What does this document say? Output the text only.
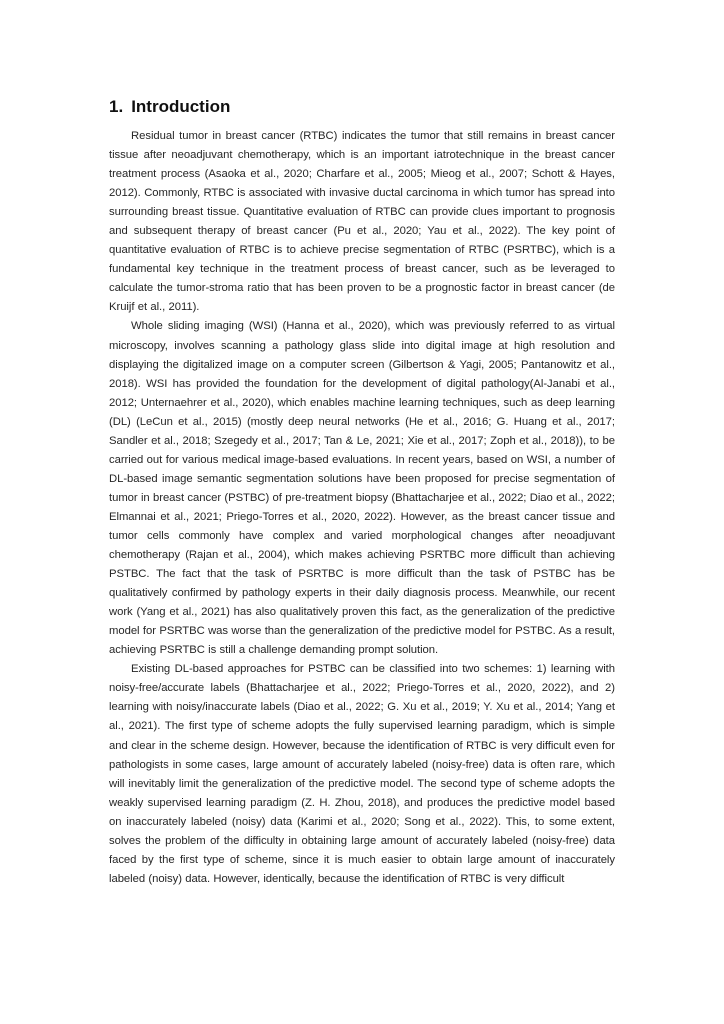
1. Introduction

Residual tumor in breast cancer (RTBC) indicates the tumor that still remains in breast cancer tissue after neoadjuvant chemotherapy, which is an important iatrotechnique in the breast cancer treatment process (Asaoka et al., 2020; Charfare et al., 2005; Mieog et al., 2007; Schott & Hayes, 2012). Commonly, RTBC is associated with invasive ductal carcinoma in which tumor has spread into surrounding breast tissue. Quantitative evaluation of RTBC can provide clues important to prognosis and subsequent therapy of breast cancer (Pu et al., 2020; Yau et al., 2022). The key point of quantitative evaluation of RTBC is to achieve precise segmentation of RTBC (PSRTBC), which is a fundamental key technique in the treatment process of breast cancer, such as be leveraged to calculate the tumor-stroma ratio that has been proven to be a prognostic factor in breast cancer (de Kruijf et al., 2011).

Whole sliding imaging (WSI) (Hanna et al., 2020), which was previously referred to as virtual microscopy, involves scanning a pathology glass slide into digital image at high resolution and displaying the digitalized image on a computer screen (Gilbertson & Yagi, 2005; Pantanowitz et al., 2018). WSI has provided the foundation for the development of digital pathology(Al-Janabi et al., 2012; Unternaehrer et al., 2020), which enables machine learning techniques, such as deep learning (DL) (LeCun et al., 2015) (mostly deep neural networks (He et al., 2016; G. Huang et al., 2017; Sandler et al., 2018; Szegedy et al., 2017; Tan & Le, 2021; Xie et al., 2017; Zoph et al., 2018)), to be carried out for various medical image-based evaluations. In recent years, based on WSI, a number of DL-based image semantic segmentation solutions have been proposed for precise segmentation of tumor in breast cancer (PSTBC) of pre-treatment biopsy (Bhattacharjee et al., 2022; Diao et al., 2022; Elmannai et al., 2021; Priego-Torres et al., 2020, 2022). However, as the breast cancer tissue and tumor cells commonly have complex and varied morphological changes after neoadjuvant chemotherapy (Rajan et al., 2004), which makes achieving PSRTBC more difficult than achieving PSTBC. The fact that the task of PSRTBC is more difficult than the task of PSTBC has be qualitatively confirmed by pathology experts in their daily diagnosis process. Meanwhile, our recent work (Yang et al., 2021) has also qualitatively proven this fact, as the generalization of the predictive model for PSRTBC was worse than the generalization of the predictive model for PSTBC. As a result, achieving PSRTBC is still a challenge demanding prompt solution.

Existing DL-based approaches for PSTBC can be classified into two schemes: 1) learning with noisy-free/accurate labels (Bhattacharjee et al., 2022; Priego-Torres et al., 2020, 2022), and 2) learning with noisy/inaccurate labels (Diao et al., 2022; G. Xu et al., 2019; Y. Xu et al., 2014; Yang et al., 2021). The first type of scheme adopts the fully supervised learning paradigm, which is simple and clear in the scheme design. However, because the identification of RTBC is very difficult even for pathologists in some cases, large amount of accurately labeled (noisy-free) data is often rare, which will inevitably limit the generalization of the predictive model. The second type of scheme adopts the weakly supervised learning paradigm (Z. H. Zhou, 2018), and produces the predictive model based on inaccurately labeled (noisy) data (Karimi et al., 2020; Song et al., 2022). This, to some extent, solves the problem of the difficulty in obtaining large amount of accurately labeled (noisy-free) data faced by the first type of scheme, since it is much easier to obtain large amount of inaccurately labeled (noisy) data. However, identically, because the identification of RTBC is very difficult
